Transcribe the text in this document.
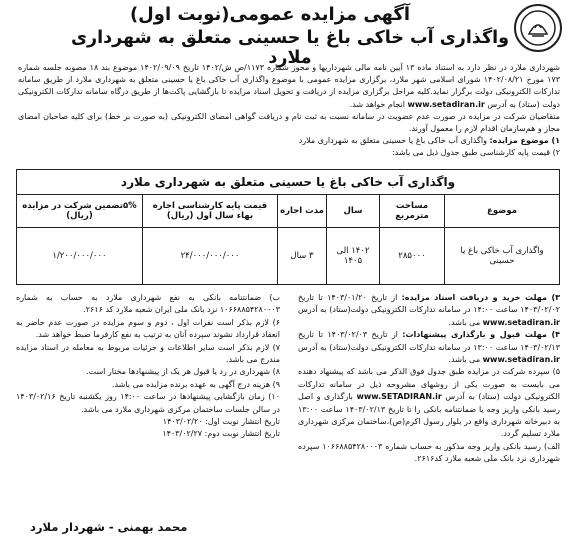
آگهی مزایده عمومی(نوبت اول)
واگذاری آب خاکی باغ یا حسینی متعلق به شهرداری ملارد

شهرداری ملارد در نظر دارد به استناد ماده ۱۳ آیین نامه مالی شهرداریها و مجوز شماره ۱۱۷۳/ص ش/۱۴۰۲ تاریخ ۱۴۰۲/۰۹/۰۹ موضوع بند ۱۸ مصوبه جلسه شماره ۱۷۳ مورخ ۱۴۰۲/۰۸/۲۱ شورای اسلامی شهر ملارد، برگزاری مزایده عمومی با موضوع واگذاری آب خاکی باغ یا حسینی متعلق به شهرداری ملارد از طریق سامانه تدارکات الکترونیکی دولت برگزار نماید.کلیه مراحل برگزاری مزایده از دریافت و تحویل اسناد مزایده تا بازگشایی پاکت‌ها از طریق درگاه سامانه تدارکات الکترونیکی دولت (ستاد) به آدرس www.setadiran.ir انجام خواهد شد.

متقاضیان شرکت در مزایده در صورت عدم عضویت در سامانه نسبت به ثبت نام و دریافت گواهی امضای الکترونیکی (به صورت بر خط) برای کلیه صاحبان امضای مجاز و هم‌سازمان اقدام لازم را معمول آورند.

۱) موضوع مزایده: واگذاری آب خاکی باغ یا حسینی متعلق به شهرداری ملارد

۲) قیمت پایه کارشناسی طبق جدول ذیل می باشد:

واگذاری آب خاکی باغ یا حسینی متعلق به شهرداری ملارد					
موضوع	مساحت مترمربع	سال	مدت اجاره	قیمت پایه کارشناسی اجاره بهاء سال اول (ریال)	۵%تضمین شرکت در مزایده (ریال)
واگذاری آب خاکی باغ یا حسینی	۲۸۵۰۰۰	۱۴۰۲ الی ۱۴۰۵	۳ سال	۲۴/۰۰۰/۰۰۰/۰۰۰	۱/۲۰۰/۰۰۰/۰۰۰

۳) مهلت خرید و دریافت اسناد مزایده: از تاریخ ۱۴۰۳/۰۱/۲۰ تا تاریخ ۱۴۰۳/۰۲/۰۲ ساعت ۱۴:۰۰ در سامانه تدارکات الکترونیکی دولت(ستاد) به آدرس www.setadiran.ir می باشد.

۴) مهلت قبول و بارگذاری پیشنهادات: از تاریخ ۱۴۰۳/۰۲/۰۳ تا تاریخ ۱۴۰۳/۰۲/۱۳ ساعت ۱۳:۰۰ در سامانه تدارکات الکترونیکی دولت(ستاد) به آدرس www.setadiran.ir می باشد.

۵) سپرده شرکت در مزایده طبق جدول فوق الذکر می باشد که پیشنهاد دهنده می بایست به صورت یکی از روشهای مشروحه ذیل در سامانه تدارکات الکترونیکی دولت (ستاد) به آدرس www.SETADIRAN.ir بارگذاری و اصل رسید بانکی واریز وجه یا ضمانتنامه بانکی را تا تاریخ ۱۴۰۳/۰۲/۱۳ ساعت ۱۳:۰۰ به دبیرخانه شهرداری واقع در بلوار رسول اکرم(ص)،ساختمان مرکزی شهرداری ملارد تسلیم گردد.

الف) رسید بانکی واریز وجه مذکور به حساب شماره ۱۰۶۶۸۸۵۴۲۸۰۰۰۳ سپرده شهرداری نزد بانک ملی شعبه ملارد کد۲۶۱۶.

ب) ضمانتنامه بانکی به نفع شهرداری ملارد به حساب به شماره ۱۰۶۶۸۸۵۴۲۸۰۰۰۳ نزد بانک ملی ایران شعبه ملارد کد ۲۶۱۶.

۶) لازم بذکر است نفرات اول ، دوم و سوم مزایده در صورت عدم حاضر به انعقاد قرارداد نشوند سپرده آنان به ترتیب به نفع کارفرما ضبط خواهد شد.

۷) لازم بذکر است سایر اطلاعات و جزئیات مربوط به معامله در اسناد مزایده مندرج می باشد.

۸) شهرداری در رد یا قبول هر یک از پیشنهادها مختار است.

۹) هزینه درج آگهی به عهده برنده مزایده می باشد.

۱۰) زمان بازگشایی پیشنهادها در ساعت ۱۴:۰۰ روز یکشنبه تاریخ ۱۴۰۳/۰۲/۱۶ در سالن جلسات ساختمان مرکزی شهرداری ملارد می باشد.

تاریخ انتشار نوبت اول: ۱۴۰۳/۰۲/۲۰

تاریخ انتشار نوبت دوم: ۱۴۰۳/۰۲/۲۷

محمد بهمنی - شهردار ملارد
